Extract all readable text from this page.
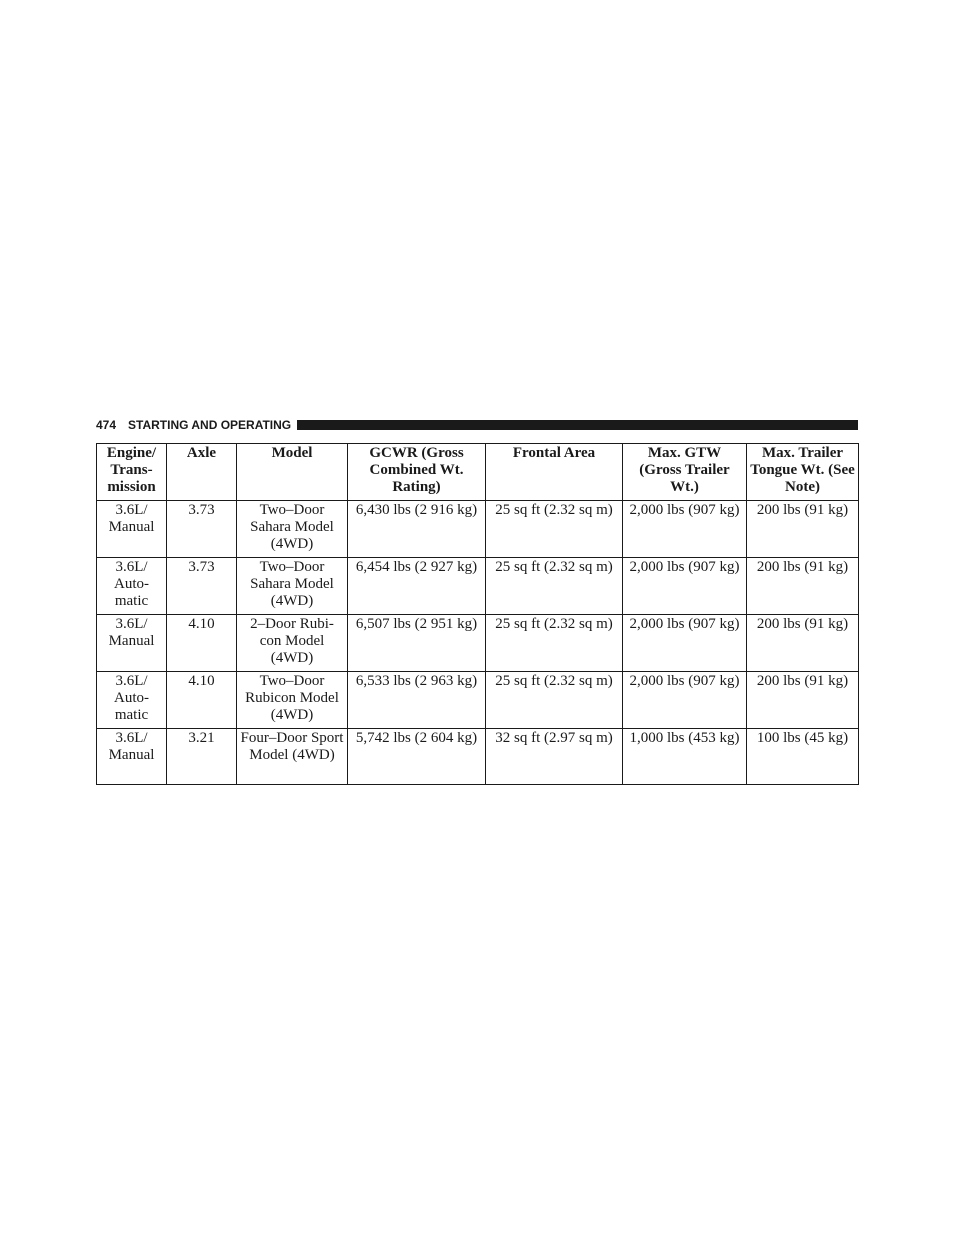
474 STARTING AND OPERATING
Engine/ Trans- mission	Axle	Model	GCWR (Gross Combined Wt. Rating)	Frontal Area	Max. GTW (Gross Trailer Wt.)	Max. Trailer Tongue Wt. (See Note)
3.6L/ Manual	3.73	Two–Door Sahara Model (4WD)	6,430 lbs (2 916 kg)	25 sq ft (2.32 sq m)	2,000 lbs (907 kg)	200 lbs (91 kg)
3.6L/ Auto- matic	3.73	Two–Door Sahara Model (4WD)	6,454 lbs (2 927 kg)	25 sq ft (2.32 sq m)	2,000 lbs (907 kg)	200 lbs (91 kg)
3.6L/ Manual	4.10	2–Door Rubi- con Model (4WD)	6,507 lbs (2 951 kg)	25 sq ft (2.32 sq m)	2,000 lbs (907 kg)	200 lbs (91 kg)
3.6L/ Auto- matic	4.10	Two–Door Rubicon Model (4WD)	6,533 lbs (2 963 kg)	25 sq ft (2.32 sq m)	2,000 lbs (907 kg)	200 lbs (91 kg)
3.6L/ Manual	3.21	Four–Door Sport Model (4WD)	5,742 lbs (2 604 kg)	32 sq ft (2.97 sq m)	1,000 lbs (453 kg)	100 lbs (45 kg)
